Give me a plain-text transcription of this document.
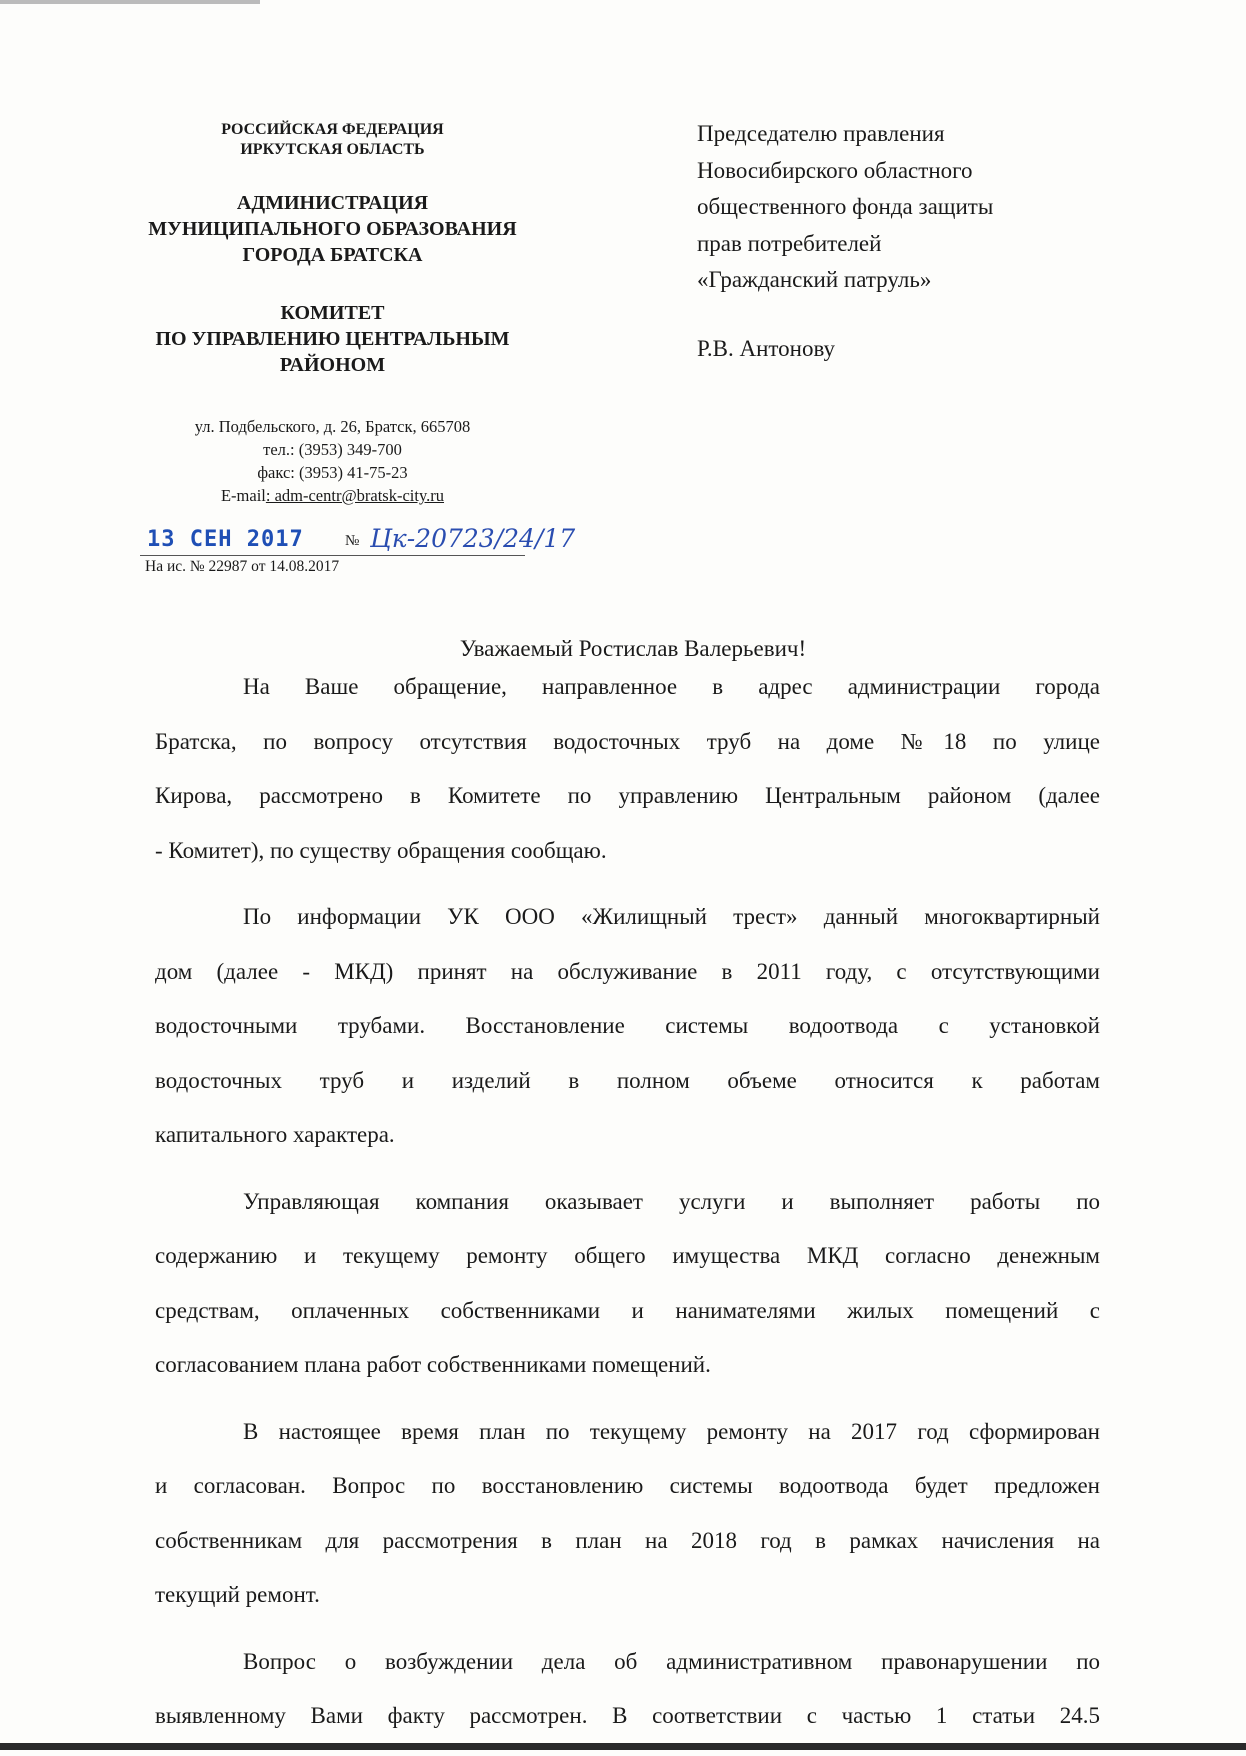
РОССИЙСКАЯ ФЕДЕРАЦИЯ
ИРКУТСКАЯ ОБЛАСТЬ
АДМИНИСТРАЦИЯ
МУНИЦИПАЛЬНОГО ОБРАЗОВАНИЯ
ГОРОДА БРАТСКА
КОМИТЕТ
ПО УПРАВЛЕНИЮ ЦЕНТРАЛЬНЫМ
РАЙОНОМ
ул. Подбельского, д. 26, Братск, 665708
тел.: (3953) 349-700
факс: (3953) 41-75-23
E-mail: adm-centr@bratsk-city.ru
13 СЕН 2017	№ Цк-20723/24/17
На ис. № 22987 от 14.08.2017
Председателю правления
Новосибирского областного
общественного фонда защиты
прав потребителей
«Гражданский патруль»
Р.В. Антонову
Уважаемый Ростислав Валерьевич!
На Ваше обращение, направленное в адрес администрации города
Братска, по вопросу отсутствия водосточных труб на доме №18 по улице
Кирова, рассмотрено в Комитете по управлению Центральным районом (далее
- Комитет), по существу обращения сообщаю.
По информации УК ООО «Жилищный трест» данный многоквартирный
дом (далее - МКД) принят на обслуживание в 2011 году, с отсутствующими
водосточными трубами. Восстановление системы водоотвода с установкой
водосточных труб и изделий в полном объеме относится к работам
капитального характера.
Управляющая компания оказывает услуги и выполняет работы по
содержанию и текущему ремонту общего имущества МКД согласно денежным
средствам, оплаченных собственниками и нанимателями жилых помещений с
согласованием плана работ собственниками помещений.
В настоящее время план по текущему ремонту на 2017 год сформирован
и согласован. Вопрос по восстановлению системы водоотвода будет предложен
собственникам для рассмотрения в план на 2018 год в рамках начисления на
текущий ремонт.
Вопрос о возбуждении дела об административном правонарушении по
выявленному Вами факту рассмотрен. В соответствии с частью 1 статьи 24.5
